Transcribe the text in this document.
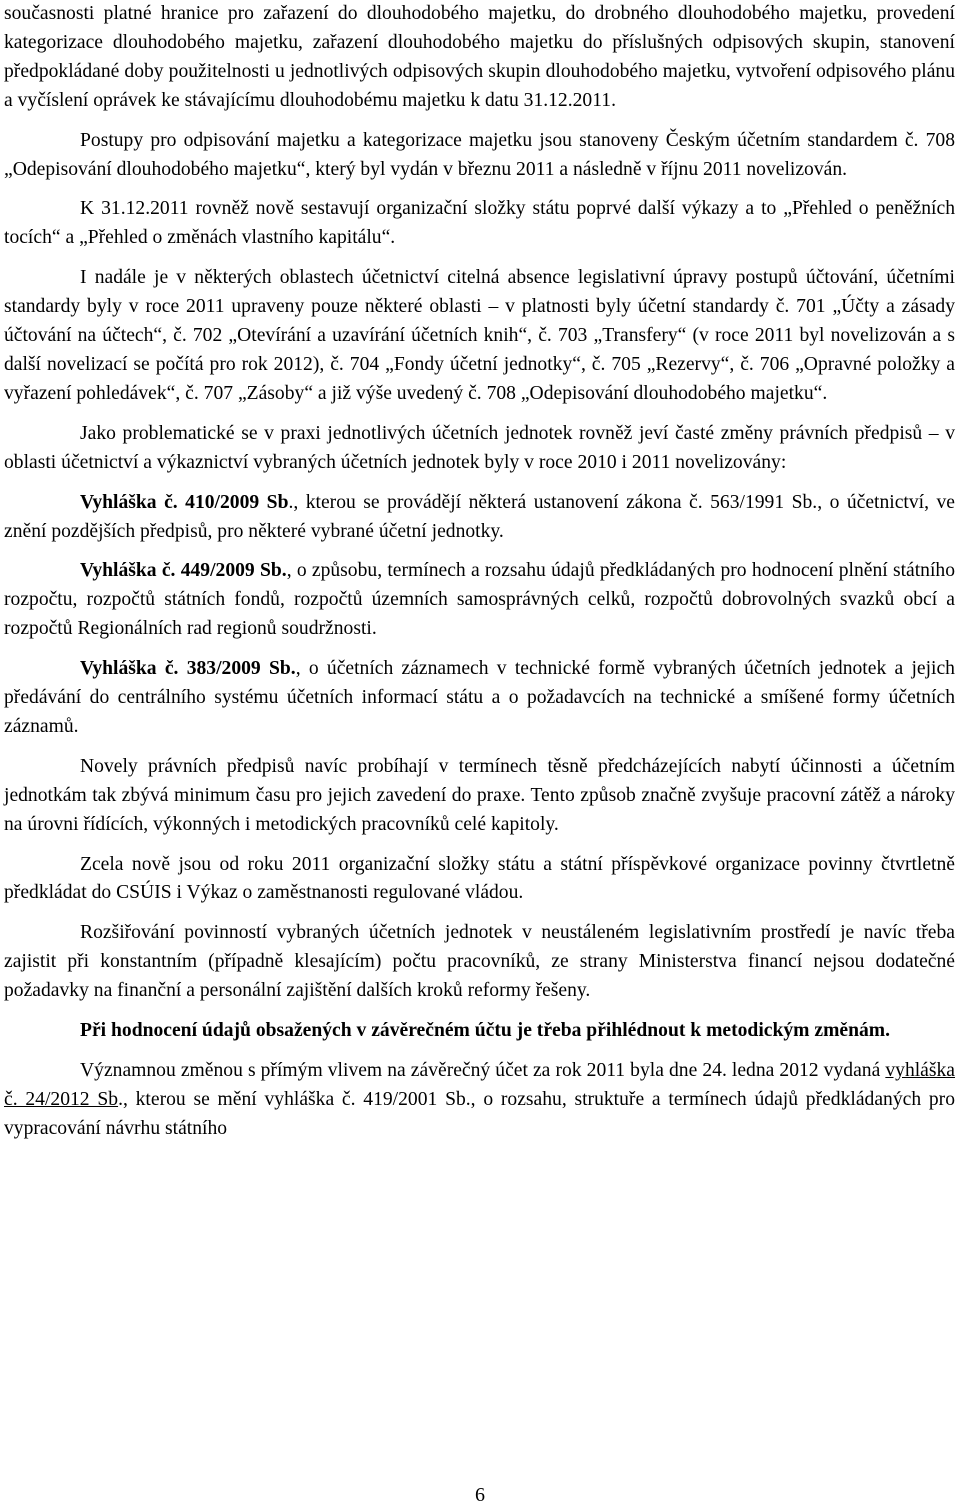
současnosti platné hranice pro zařazení do dlouhodobého majetku, do drobného dlouhodobého majetku, provedení kategorizace dlouhodobého majetku, zařazení dlouhodobého majetku do příslušných odpisových skupin, stanovení předpokládané doby použitelnosti u jednotlivých odpisových skupin dlouhodobého majetku, vytvoření odpisového plánu a vyčíslení oprávek ke stávajícímu dlouhodobému majetku k datu 31.12.2011.

Postupy pro odpisování majetku a kategorizace majetku jsou stanoveny Českým účetním standardem č. 708 „Odepisování dlouhodobého majetku“, který byl vydán v březnu 2011 a následně v říjnu 2011 novelizován.

K 31.12.2011 rovněž nově sestavují organizační složky státu poprvé další výkazy a to „Přehled o peněžních tocích“ a „Přehled o změnách vlastního kapitálu“.

I nadále je v některých oblastech účetnictví citelná absence legislativní úpravy postupů účtování, účetními standardy byly v roce 2011 upraveny pouze některé oblasti – v platnosti byly účetní standardy č. 701 „Účty a zásady účtování na účtech“, č. 702 „Otevírání a uzavírání účetních knih“, č. 703 „Transfery“ (v roce 2011 byl novelizován a s další novelizací se počítá pro rok 2012), č. 704 „Fondy účetní jednotky“, č. 705 „Rezervy“, č. 706 „Opravné položky a vyřazení pohledávek“, č. 707 „Zásoby“ a již výše uvedený č. 708 „Odepisování dlouhodobého majetku“.

Jako problematické se v praxi jednotlivých účetních jednotek rovněž jeví časté změny právních předpisů – v oblasti účetnictví a výkaznictví vybraných účetních jednotek byly v roce 2010 i 2011 novelizovány:

Vyhláška č. 410/2009 Sb., kterou se provádějí některá ustanovení zákona č. 563/1991 Sb., o účetnictví, ve znění pozdějších předpisů, pro některé vybrané účetní jednotky.

Vyhláška č. 449/2009 Sb., o způsobu, termínech a rozsahu údajů předkládaných pro hodnocení plnění státního rozpočtu, rozpočtů státních fondů, rozpočtů územních samosprávných celků, rozpočtů dobrovolných svazků obcí a rozpočtů Regionálních rad regionů soudržnosti.

Vyhláška č. 383/2009 Sb., o účetních záznamech v technické formě vybraných účetních jednotek a jejich předávání do centrálního systému účetních informací státu a o požadavcích na technické a smíšené formy účetních záznamů.

Novely právních předpisů navíc probíhají v termínech těsně předcházejících nabytí účinnosti a účetním jednotkám tak zbývá minimum času pro jejich zavedení do praxe. Tento způsob značně zvyšuje pracovní zátěž a nároky na úrovni řídících, výkonných i metodických pracovníků celé kapitoly.

Zcela nově jsou od roku 2011 organizační složky státu a státní příspěvkové organizace povinny čtvrtletně předkládat do CSÚIS i Výkaz o zaměstnanosti regulované vládou.

Rozšiřování povinností vybraných účetních jednotek v neustáleném legislativním prostředí je navíc třeba zajistit při konstantním (případně klesajícím) počtu pracovníků, ze strany Ministerstva financí nejsou dodatečné požadavky na finanční a personální zajištění dalších kroků reformy řešeny.

Při hodnocení údajů obsažených v závěrečném účtu je třeba přihlédnout k metodickým změnám.

Významnou změnou s přímým vlivem na závěrečný účet za rok 2011 byla dne 24. ledna 2012 vydaná vyhláška č. 24/2012 Sb., kterou se mění vyhláška č. 419/2001 Sb., o rozsahu, struktuře a termínech údajů předkládaných pro vypracování návrhu státního

6
